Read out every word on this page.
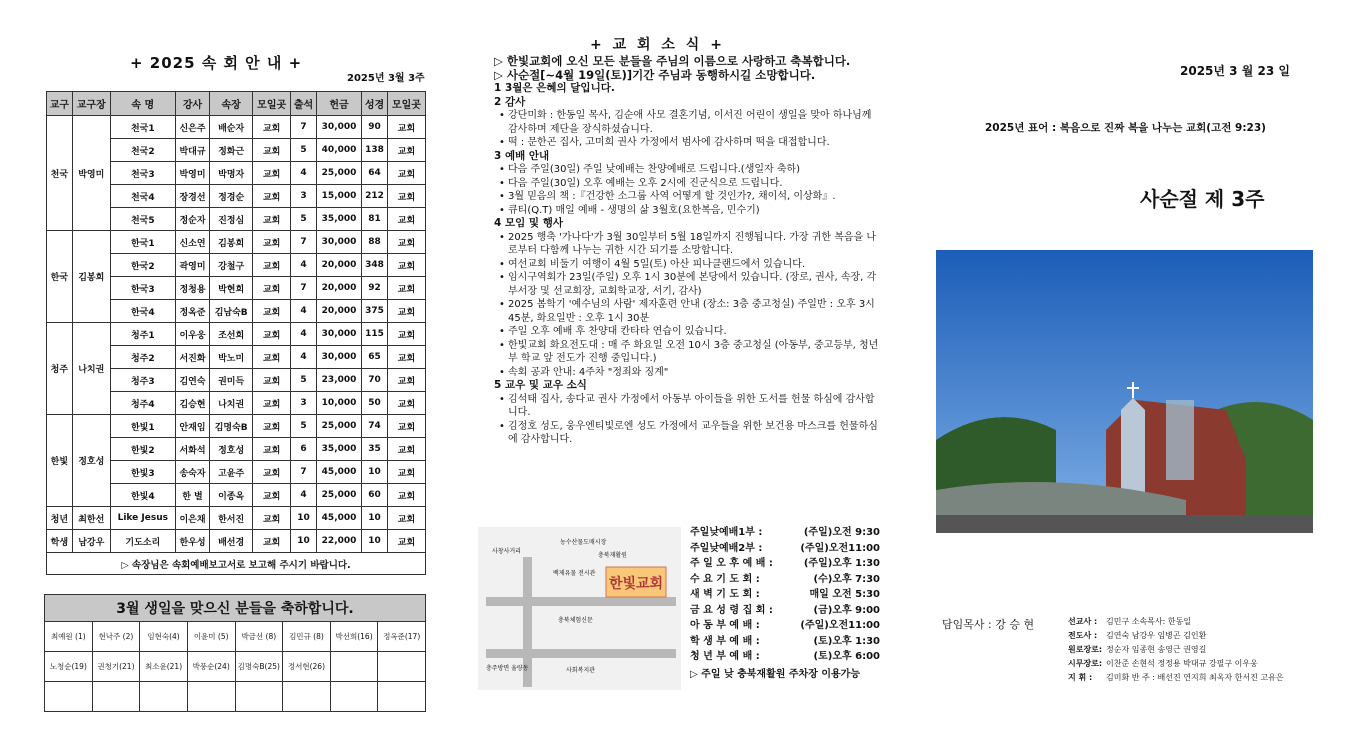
+ 2025 속 회 안 내 +
2025년 3월 3주
교구	교구장	속 명	강사	속장	모일곳	출석	헌금	성경	모일곳
천국	박영미	천국1	신은주	배순자	교회	7	30,000	90	교회
		천국2	박대규	정화근	교회	5	40,000	138	교회
		천국3	박영미	박명자	교회	4	25,000	64	교회
		천국4	장경선	정경순	교회	3	15,000	212	교회
		천국5	정순자	진정심	교회	5	35,000	81	교회
한국	김봉희	한국1	신소연	김봉희	교회	7	30,000	88	교회
		한국2	곽영미	강철구	교회	4	20,000	348	교회
		한국3	정청용	박현희	교회	7	20,000	92	교회
		한국4	정옥준	김남숙B	교회	4	20,000	375	교회
청주	나치권	청주1	이우웅	조선희	교회	4	30,000	115	교회
		청주2	서진화	박노미	교회	4	30,000	65	교회
		청주3	김연숙	권미득	교회	5	23,000	70	교회
		청주4	김승현	나치권	교회	3	10,000	50	교회
한빛	정호성	한빛1	안재임	김명숙B	교회	5	25,000	74	교회
		한빛2	서화석	정호성	교회	6	35,000	35	교회
		한빛3	송숙자	고윤주	교회	7	45,000	10	교회
		한빛4	한 별	이종옥	교회	4	25,000	60	교회
청년	최한선	Like Jesus	이은채	한서진	교회	10	45,000	10	교회
학생	남강우	기도소리	한우성	배선경	교회	10	22,000	10	교회
▷ 속장님은 속회예배보고서로 보고해 주시기 바랍니다.									
3월 생일을 맞으신 분들을 축하합니다.							
최예원 (1)	현낙주 (2)	임현숙(4)	이윤미 (5)	박금선 (8)	김민규 (8)	박선희(16)	정옥준(17)
노청순(19)	권청기(21)	최소윤(21)	박풍순(24)	김명숙B(25)	정서현(26)		

+ 교 회 소 식 +
▷ 한빛교회에 오신 모든 분들을 주님의 이름으로 사랑하고 축복합니다.
▷ 사순절[~4월 19일(토)]기간 주님과 동행하시길 소망합니다.
1 3월은 은혜의 달입니다.
2 감사
• 강단미화 : 한동일 목사, 김순애 사모 결혼기념, 이서진 어린이 생일을 맞아 하나님께 감사하며 제단을 장식하셨습니다.
• 떡 : 문한곤 집사, 고미희 권사 가정에서 범사에 감사하며 떡을 대접합니다.
3 예배 안내
• 다음 주일(30일) 주일 낮예배는 찬양예배로 드립니다.(생일자 축하)
• 다음 주일(30일) 오후 예배는 오후 2시에 진군식으로 드립니다.
• 3월 믿음의 책 :『건강한 소그룹 사역 어떻게 할 것인가?, 채이석, 이상화』.
• 큐티(Q.T) 매일 예배 - 생명의 삶 3월호(요한복음, 민수기)
4 모임 및 행사
• 2025 행축 '가나다'가 3월 30일부터 5월 18일까지 진행됩니다. 가장 귀한 복음을 나로부터 다함께 나누는 귀한 시간 되기를 소망합니다.
• 여선교회 비둘기 여행이 4월 5일(토) 아산 피나클랜드에서 있습니다.
• 임시구역회가 23일(주일) 오후 1시 30분에 본당에서 있습니다. (장로, 권사, 속장, 각 부서장 및 선교회장, 교회학교장, 서기, 감사)
• 2025 봄학기 '예수님의 사람' 제자훈련 안내 (장소: 3층 중고청실) 주일반 : 오후 3시 45분, 화요일반 : 오후 1시 30분
• 주일 오후 예배 후 찬양대 칸타타 연습이 있습니다.
• 한빛교회 화요전도대 : 매 주 화요일 오전 10시 3층 중고청실 (아동부, 중고등부, 청년부 학교 앞 전도가 진행 중입니다.)
• 속회 공과 안내: 4주차 "정죄와 징계"
5 교우 및 교우 소식
• 김석태 집사, 송다교 권사 가정에서 아동부 아이들을 위한 도서를 헌물 하심에 감사합니다.
• 김정호 성도, 웅우엔티빛로엔 성도 가정에서 교우들을 위한 보건용 마스크를 헌물하심에 감사합니다.
한빛교회
농수산물도매시장
충북재활원
사창사거리
백제유물 전시관
충북체험신문
충주방면 율량동	사회복지관
주일낮예배1부 :	(주일)오전 9:30
주일낮예배2부 :	(주일)오전11:00
주 일 오 후 예 배 :	(주일)오후 1:30
수 요 기 도 회 :	(수)오후 7:30
새 벽 기 도 회 :	매일 오전 5:30
금 요 성 령 집 회 :	(금)오후 9:00
아 동 부 예 배 :	(주일)오전11:00
학 생 부 예 배 :	(토)오후 1:30
청 년 부 예 배 :	(토)오후 6:00
▷ 주일 낮 충북재활원 주차장 이용가능
2025년 3 월 23 일
2025년 표어 : 복음으로 진짜 복을 나누는 교회(고전 9:23)
사순절 제 3주
담임목사 : 강 승 현	선교사 : 김민구 소속목사: 한동일
전도사 : 김연숙 남강우 임병곤 김인환
원로장로: 정순자 임종현 송영근 권영길
시무장로: 이찬준 손현석 정정용 박대규 강필구 이우웅
지 휘 : 김미화 반 주 : 배선진 연지희 최옥자 한서진 고유은
